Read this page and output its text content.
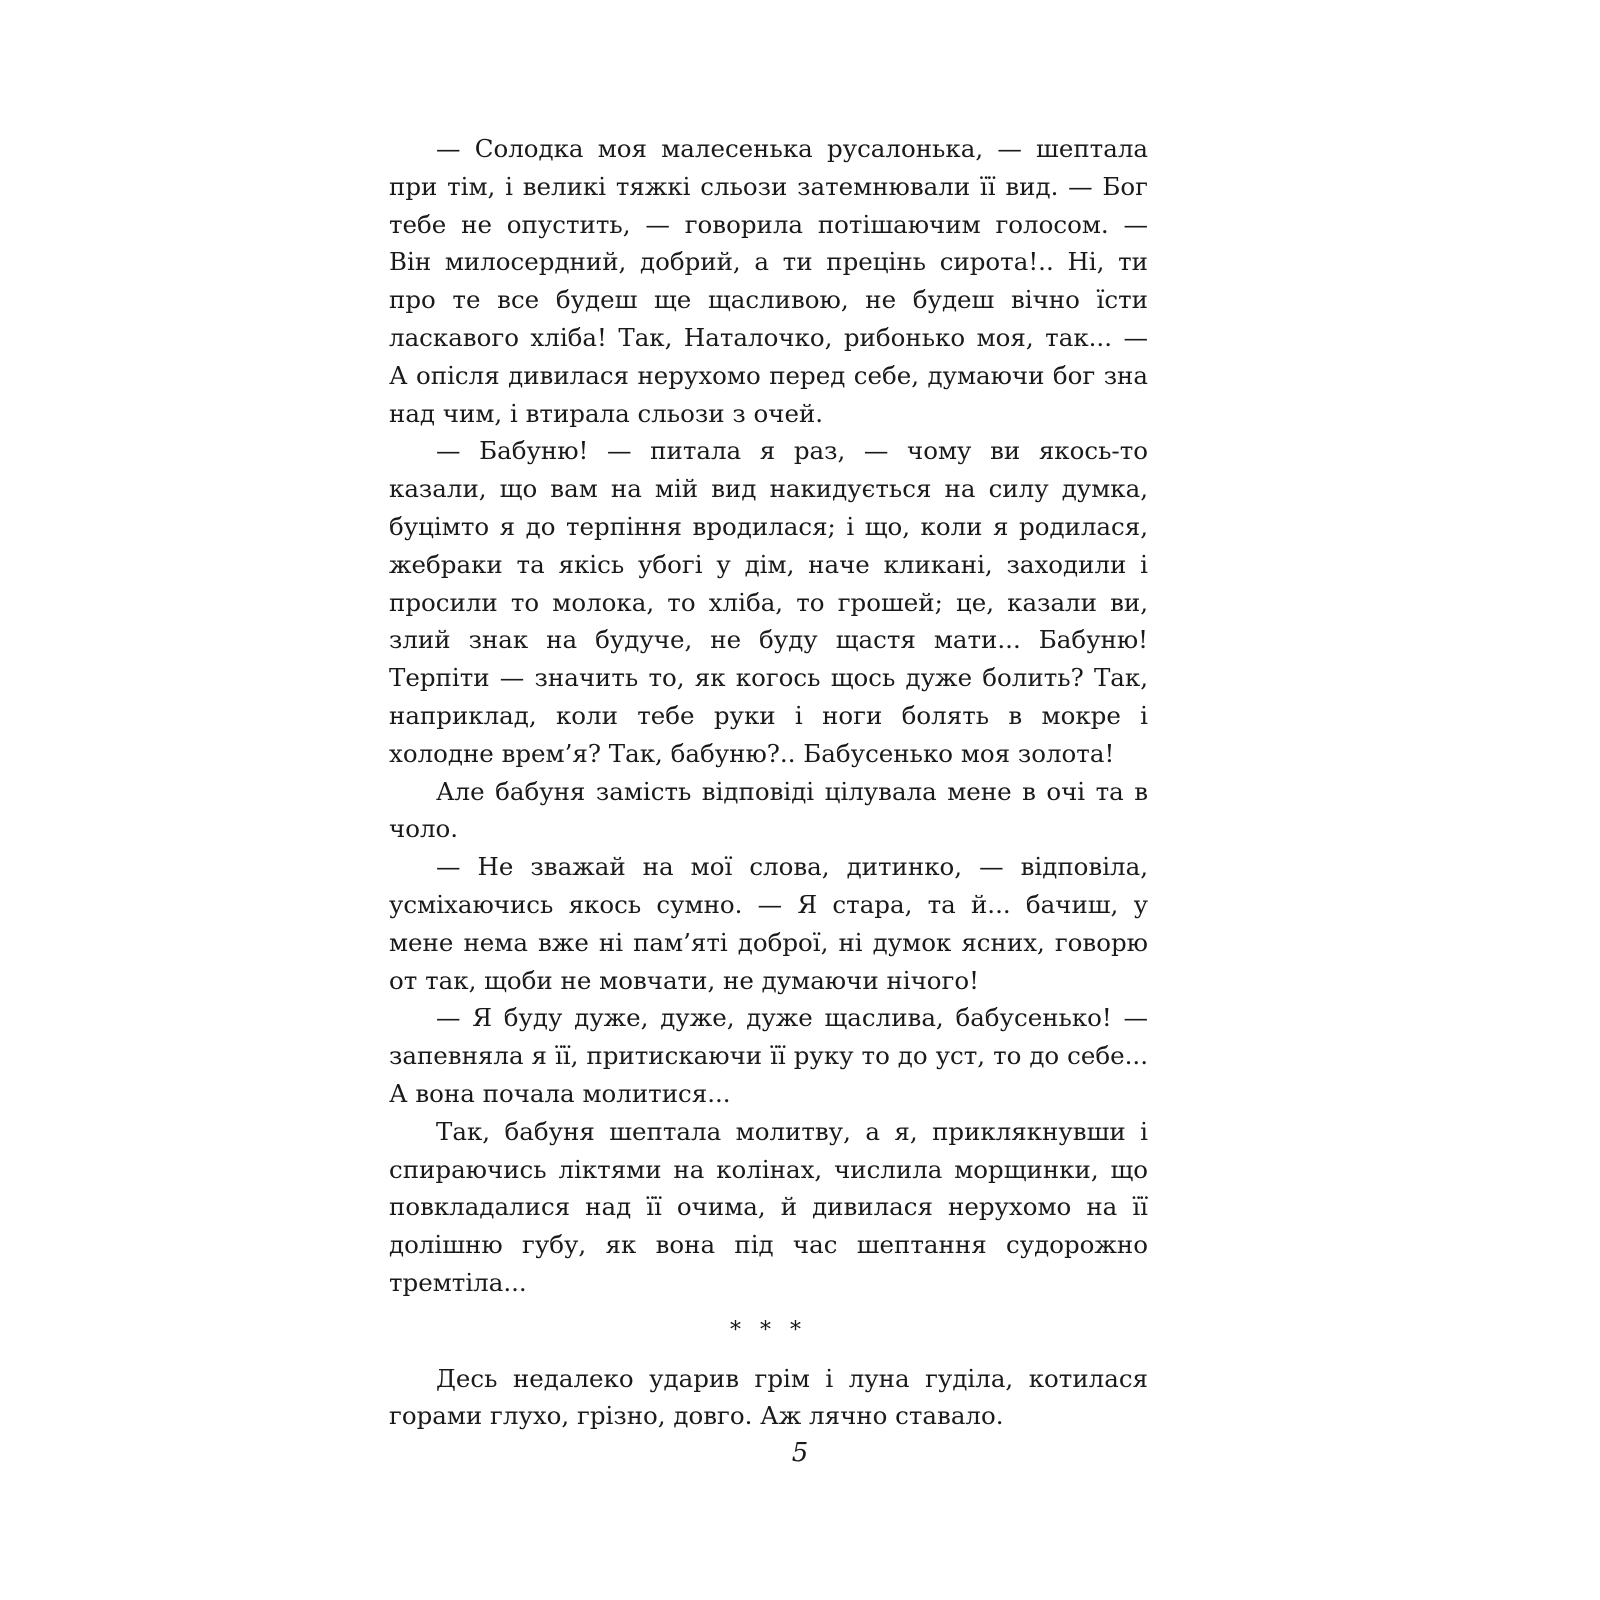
— Солодка моя малесенька русалонька, — шептала при тім, і великі тяжкі сльози затемнювали її вид. — Бог тебе не опустить, — говорила потішаючим голосом. — Він милосердний, добрий, а ти прецінь сирота!.. Ні, ти про те все будеш ще щасливою, не будеш вічно їсти ласкавого хліба! Так, Наталочко, рибонько моя, так... — А опісля дивилася нерухомо перед себе, думаючи бог зна над чим, і втирала сльози з очей.

— Бабуню! — питала я раз, — чому ви якось-то казали, що вам на мій вид накидується на силу думка, буцімто я до терпіння вродилася; і що, коли я родилася, жебраки та якісь убогі у дім, наче кликані, заходили і просили то молока, то хліба, то грошей; це, казали ви, злий знак на будуче, не буду щастя мати... Бабуню! Терпіти — значить то, як когось щось дуже болить? Так, наприклад, коли тебе руки і ноги болять в мокре і холодне врем’я? Так, бабуню?.. Бабусенько моя золота!

Але бабуня замість відповіді цілувала мене в очі та в чоло.

— Не зважай на мої слова, дитинко, — відповіла, усміхаючись якось сумно. — Я стара, та й... бачиш, у мене нема вже ні пам’яті доброї, ні думок ясних, говорю от так, щоби не мовчати, не думаючи нічого!

— Я буду дуже, дуже, дуже щаслива, бабусенько! — запевняла я її, притискаючи її руку то до уст, то до себе... А вона почала молитися...

Так, бабуня шептала молитву, а я, приклякнувши і спираючись ліктями на колінах, числила морщинки, що повкладалися над її очима, й дивилася нерухомо на її долішню губу, як вона під час шептання судорожно тремтіла...

* * *

Десь недалеко ударив грім і луна гуділа, котилася горами глухо, грізно, довго. Аж лячно ставало.

5
